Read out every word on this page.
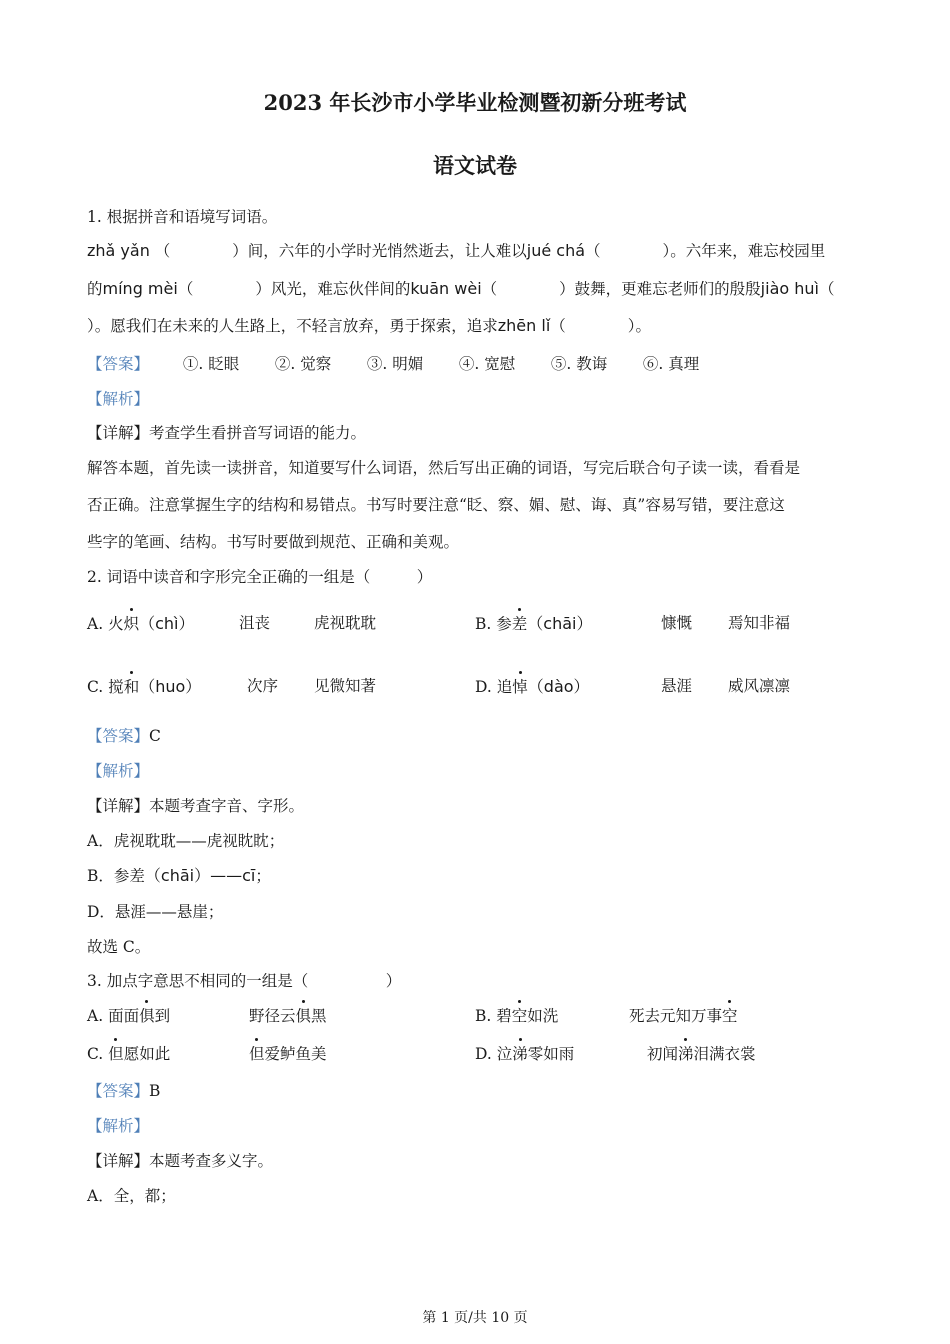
2023 年长沙市小学毕业检测暨初新分班考试
语文试卷
1. 根据拼音和语境写词语。
zhǎ yǎn （　　　　）间，六年的小学时光悄然逝去，让人难以jué chá（　　　　）。六年来，难忘校园里
的míng mèi（　　　　）风光，难忘伙伴间的kuān wèi（　　　　）鼓舞，更难忘老师们的殷殷jiào huì（
）。愿我们在未来的人生路上，不轻言放弃，勇于探索，追求zhēn lǐ（　　　　）。
【答案】 ①. 眨眼 ②. 觉察 ③. 明媚 ④. 宽慰 ⑤. 教诲 ⑥. 真理
【解析】
【详解】考查学生看拼音写词语的能力。
解答本题，首先读一读拼音，知道要写什么词语，然后写出正确的词语，写完后联合句子读一读，看看是
否正确。注意掌握生字的结构和易错点。书写时要注意“眨、察、媚、慰、诲、真”容易写错，要注意这
些字的笔画、结构。书写时要做到规范、正确和美观。
2. 词语中读音和字形完全正确的一组是（　　　）
A. 火炽（chì）	沮丧	虎视耽耽	B. 参差（chāi）	慷慨 焉知非福
C. 搅和（huo）	次序 见微知著	D. 追悼（dào）	悬涯 威风凛凛
【答案】C
【解析】
【详解】本题考查字音、字形。
A．虎视耽耽——虎视眈眈；
B．参差（chāi）——cī；
D．悬涯——悬崖；
故选 C。
3. 加点字意思不相同的一组是（　　　　　）
A. 面面俱到	野径云俱黑	B. 碧空如洗	死去元知万事空
C. 但愿如此	但爱鲈鱼美	D. 泣涕零如雨	初闻涕泪满衣裳
【答案】B
【解析】
【详解】本题考查多义字。
A．全，都；
第 1 页/共 10 页
